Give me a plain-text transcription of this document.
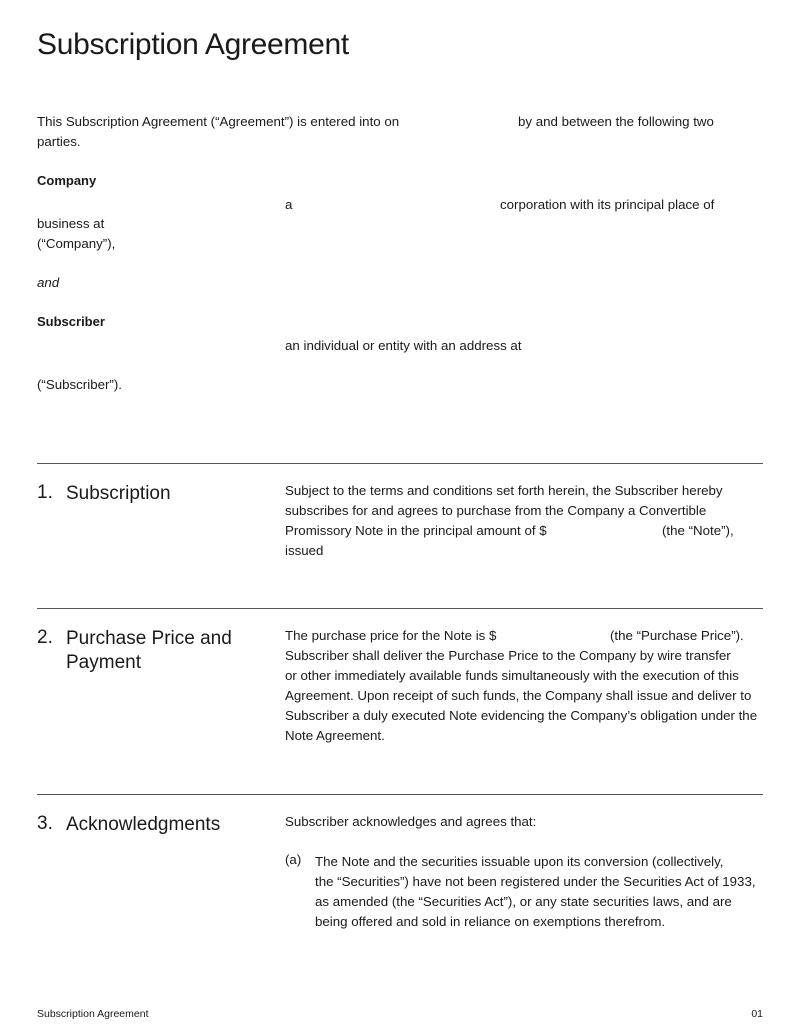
Subscription Agreement
This Subscription Agreement (“Agreement”) is entered into on	by and between the following two
parties.
Company
a	corporation with its principal place of
business at
(“Company”),
and
Subscriber
an individual or entity with an address at
(“Subscriber”).
1. Subscription	Subject to the terms and conditions set forth herein, the Subscriber hereby
subscribes for and agrees to purchase from the Company a Convertible
Promissory Note in the principal amount of $	(the “Note”),
issued
2. Purchase Price and Payment
The purchase price for the Note is $	(the “Purchase Price”).
Subscriber shall deliver the Purchase Price to the Company by wire transfer
or other immediately available funds simultaneously with the execution of this
Agreement. Upon receipt of such funds, the Company shall issue and deliver to
Subscriber a duly executed Note evidencing the Company’s obligation under the
Note Agreement.
3. Acknowledgments	Subscriber acknowledges and agrees that:
(a) The Note and the securities issuable upon its conversion (collectively,
the “Securities”) have not been registered under the Securities Act of 1933,
as amended (the “Securities Act”), or any state securities laws, and are
being offered and sold in reliance on exemptions therefrom.
Subscription Agreement	01
